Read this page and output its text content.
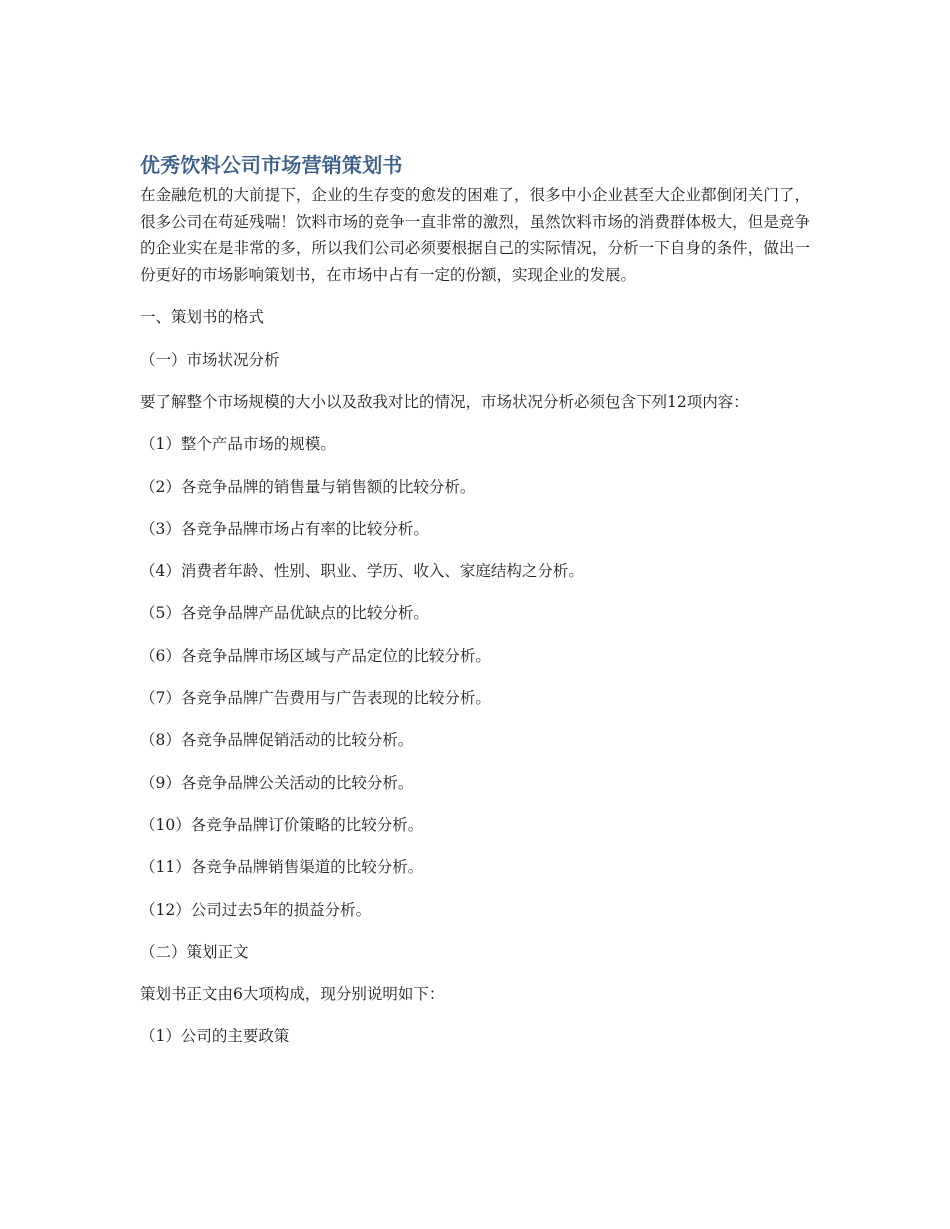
优秀饮料公司市场营销策划书

在金融危机的大前提下，企业的生存变的愈发的困难了，很多中小企业甚至大企业都倒闭关门了，很多公司在苟延残喘！饮料市场的竞争一直非常的激烈，虽然饮料市场的消费群体极大，但是竞争的企业实在是非常的多，所以我们公司必须要根据自己的实际情况，分析一下自身的条件，做出一份更好的市场影响策划书，在市场中占有一定的份额，实现企业的发展。

一、策划书的格式

（一）市场状况分析

要了解整个市场规模的大小以及敌我对比的情况，市场状况分析必须包含下列12项内容：

（1）整个产品市场的规模。

（2）各竞争品牌的销售量与销售额的比较分析。

（3）各竞争品牌市场占有率的比较分析。

（4）消费者年龄、性别、职业、学历、收入、家庭结构之分析。

（5）各竞争品牌产品优缺点的比较分析。

（6）各竞争品牌市场区域与产品定位的比较分析。

（7）各竞争品牌广告费用与广告表现的比较分析。

（8）各竞争品牌促销活动的比较分析。

（9）各竞争品牌公关活动的比较分析。

（10）各竞争品牌订价策略的比较分析。

（11）各竞争品牌销售渠道的比较分析。

（12）公司过去5年的损益分析。

（二）策划正文

策划书正文由6大项构成，现分别说明如下：

（1）公司的主要政策
